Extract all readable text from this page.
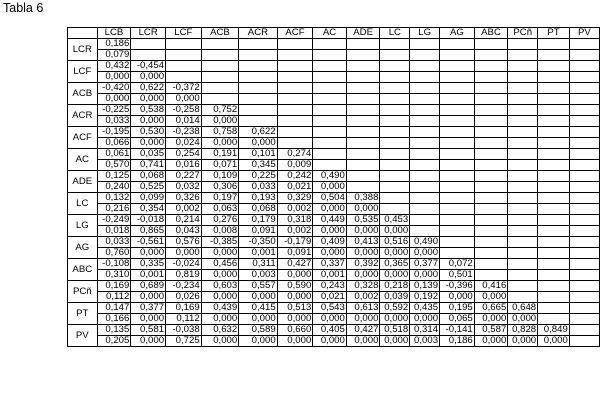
Tabla 6
	LCB	LCR	LCF	ACB	ACR	ACF	AC	ADE	LC	LG	AG	ABC	PCñ	PT	PV
LCR	0,186														
	0,079														
LCF	0,432	-0,454													
	0,000	0,000													
ACB	-0,420	0,622	-0,372												
	0,000	0,000	0,000												
ACR	-0,225	0,538	-0,258	0,752											
	0,033	0,000	0,014	0,000											
ACF	-0,195	0,530	-0,238	0,758	0,622										
	0,066	0,000	0,024	0,000	0,000										
AC	0,061	0,035	0,254	0,191	0,101	0,274									
	0,570	0,741	0,016	0,071	0,345	0,009									
ADE	0,125	0,068	0,227	0,109	0,225	0,242	0,490								
	0,240	0,525	0,032	0,306	0,033	0,021	0,000								
LC	0,132	0,099	0,326	0,197	0,193	0,329	0,504	0,388							
	0,216	0,354	0,002	0,063	0,068	0,002	0,000	0,000							
LG	-0,249	-0,018	0,214	0,276	0,179	0,318	0,449	0,535	0,453						
	0,018	0,865	0,043	0,008	0,091	0,002	0,000	0,000	0,000						
AG	0,033	-0,561	0,576	-0,385	-0,350	-0,179	0,409	0,413	0,516	0,490					
	0,760	0,000	0,000	0,000	0,001	0,091	0,000	0,000	0,000	0,000					
ABC	-0,108	0,335	-0,024	0,456	0,311	0,427	0,337	0,392	0,365	0,377	0,072				
	0,310	0,001	0,819	0,000	0,003	0,000	0,001	0,000	0,000	0,000	0,501				
PCñ	0,169	0,689	-0,234	0,603	0,557	0,590	0,243	0,328	0,218	0,139	-0,396	0,416			
	0,112	0,000	0,026	0,000	0,000	0,000	0,021	0,002	0,039	0,192	0,000	0,000			
PT	0,147	0,377	0,169	0,439	0,415	0,513	0,543	0,613	0,592	0,435	0,195	0,665	0,648		
	0,166	0,000	0,112	0,000	0,000	0,000	0,000	0,000	0,000	0,000	0,065	0,000	0,000		
PV	0,135	0,581	-0,038	0,632	0,589	0,660	0,405	0,427	0,518	0,314	-0,141	0,587	0,828	0,849	
	0,205	0,000	0,725	0,000	0,000	0,000	0,000	0,000	0,000	0,003	0,186	0,000	0,000	0,000	
